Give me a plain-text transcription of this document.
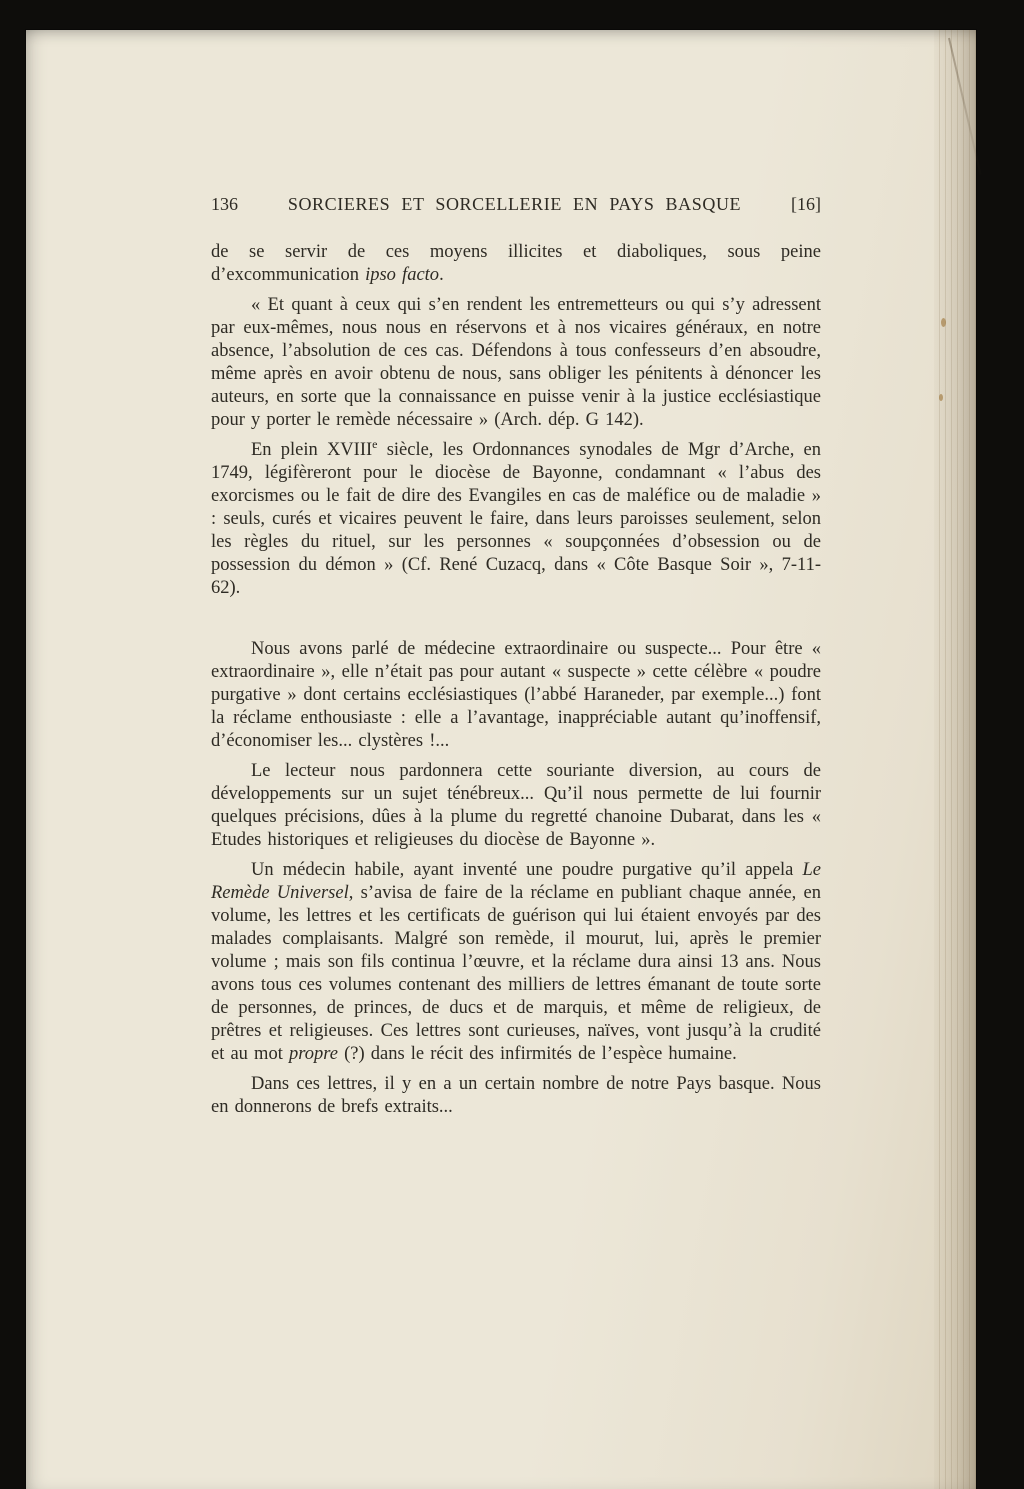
136	SORCIERES ET SORCELLERIE EN PAYS BASQUE	[16]

de se servir de ces moyens illicites et diaboliques, sous peine d’excommunication ipso facto.

« Et quant à ceux qui s’en rendent les entremetteurs ou qui s’y adressent par eux-mêmes, nous nous en réservons et à nos vicaires généraux, en notre absence, l’absolution de ces cas. Défendons à tous confesseurs d’en absoudre, même après en avoir obtenu de nous, sans obliger les pénitents à dénoncer les auteurs, en sorte que la connaissance en puisse venir à la justice ecclésiastique pour y porter le remède nécessaire » (Arch. dép. G 142).

En plein XVIIIe siècle, les Ordonnances synodales de Mgr d’Arche, en 1749, légifèreront pour le diocèse de Bayonne, condamnant « l’abus des exorcismes ou le fait de dire des Evangiles en cas de maléfice ou de maladie » : seuls, curés et vicaires peuvent le faire, dans leurs paroisses seulement, selon les règles du rituel, sur les personnes « soupçonnées d’obsession ou de possession du démon » (Cf. René Cuzacq, dans « Côte Basque Soir », 7-11-62).

Nous avons parlé de médecine extraordinaire ou suspecte... Pour être « extraordinaire », elle n’était pas pour autant « suspecte » cette célèbre « poudre purgative » dont certains ecclésiastiques (l’abbé Haraneder, par exemple...) font la réclame enthousiaste : elle a l’avantage, inappréciable autant qu’inoffensif, d’économiser les... clystères !...

Le lecteur nous pardonnera cette souriante diversion, au cours de développements sur un sujet ténébreux... Qu’il nous permette de lui fournir quelques précisions, dûes à la plume du regretté chanoine Dubarat, dans les « Etudes historiques et religieuses du diocèse de Bayonne ».

Un médecin habile, ayant inventé une poudre purgative qu’il appela Le Remède Universel, s’avisa de faire de la réclame en publiant chaque année, en volume, les lettres et les certificats de guérison qui lui étaient envoyés par des malades complaisants. Malgré son remède, il mourut, lui, après le premier volume ; mais son fils continua l’œuvre, et la réclame dura ainsi 13 ans. Nous avons tous ces volumes contenant des milliers de lettres émanant de toute sorte de personnes, de princes, de ducs et de marquis, et même de religieux, de prêtres et religieuses. Ces lettres sont curieuses, naïves, vont jusqu’à la crudité et au mot propre (?) dans le récit des infirmités de l’espèce humaine.

Dans ces lettres, il y en a un certain nombre de notre Pays basque. Nous en donnerons de brefs extraits...
